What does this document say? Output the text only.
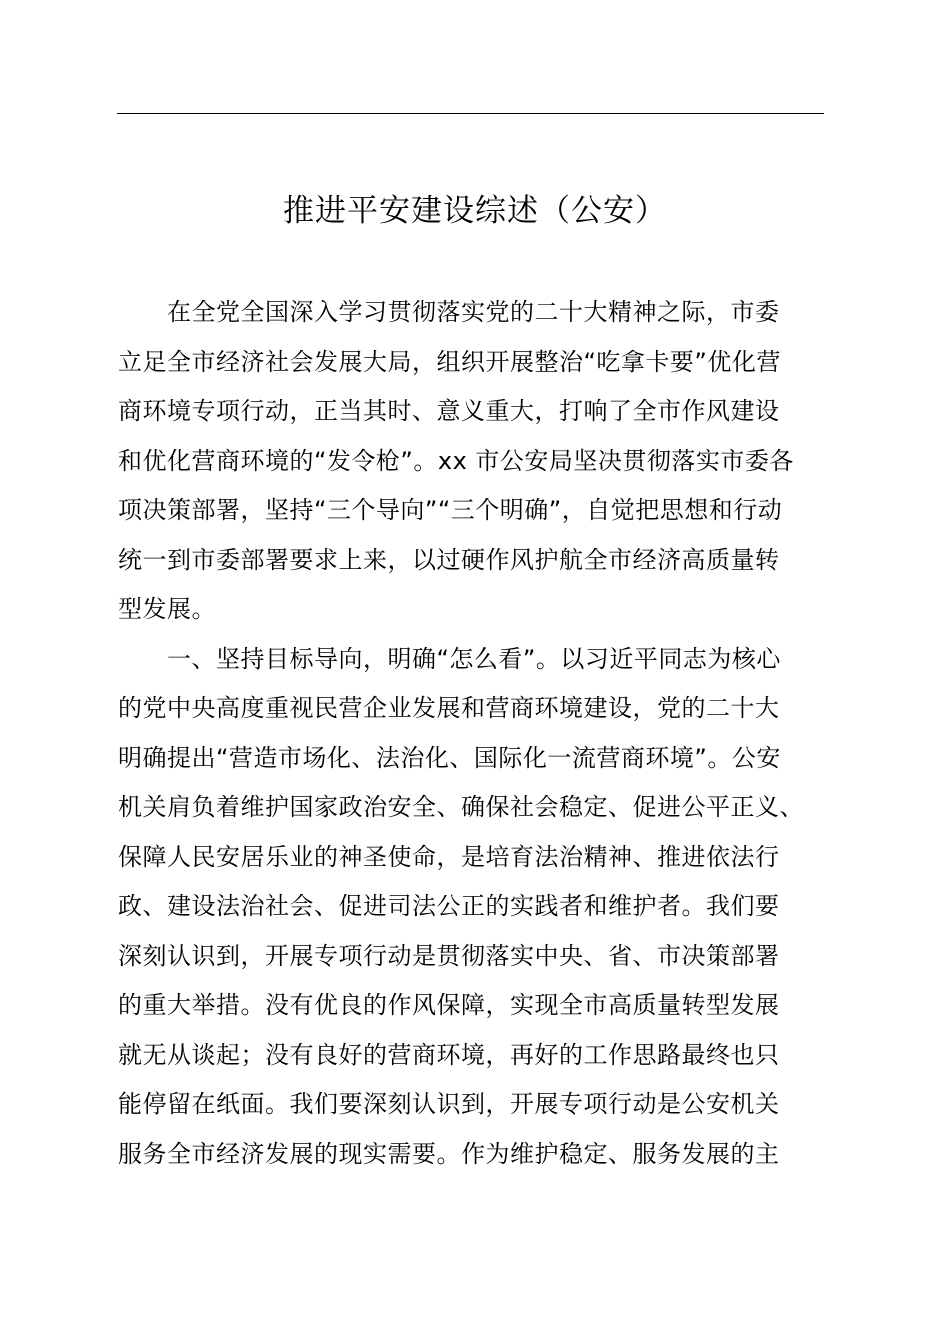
推进平安建设综述（公安）
　　在全党全国深入学习贯彻落实党的二十大精神之际，市委
立足全市经济社会发展大局，组织开展整治“吃拿卡要”优化营
商环境专项行动，正当其时、意义重大，打响了全市作风建设
和优化营商环境的“发令枪”。xx 市公安局坚决贯彻落实市委各
项决策部署，坚持“三个导向”“三个明确”，自觉把思想和行动
统一到市委部署要求上来，以过硬作风护航全市经济高质量转
型发展。
　　一、坚持目标导向，明确“怎么看”。以习近平同志为核心
的党中央高度重视民营企业发展和营商环境建设，党的二十大
明确提出“营造市场化、法治化、国际化一流营商环境”。公安
机关肩负着维护国家政治安全、确保社会稳定、促进公平正义、
保障人民安居乐业的神圣使命，是培育法治精神、推进依法行
政、建设法治社会、促进司法公正的实践者和维护者。我们要
深刻认识到，开展专项行动是贯彻落实中央、省、市决策部署
的重大举措。没有优良的作风保障，实现全市高质量转型发展
就无从谈起；没有良好的营商环境，再好的工作思路最终也只
能停留在纸面。我们要深刻认识到，开展专项行动是公安机关
服务全市经济发展的现实需要。作为维护稳定、服务发展的主
